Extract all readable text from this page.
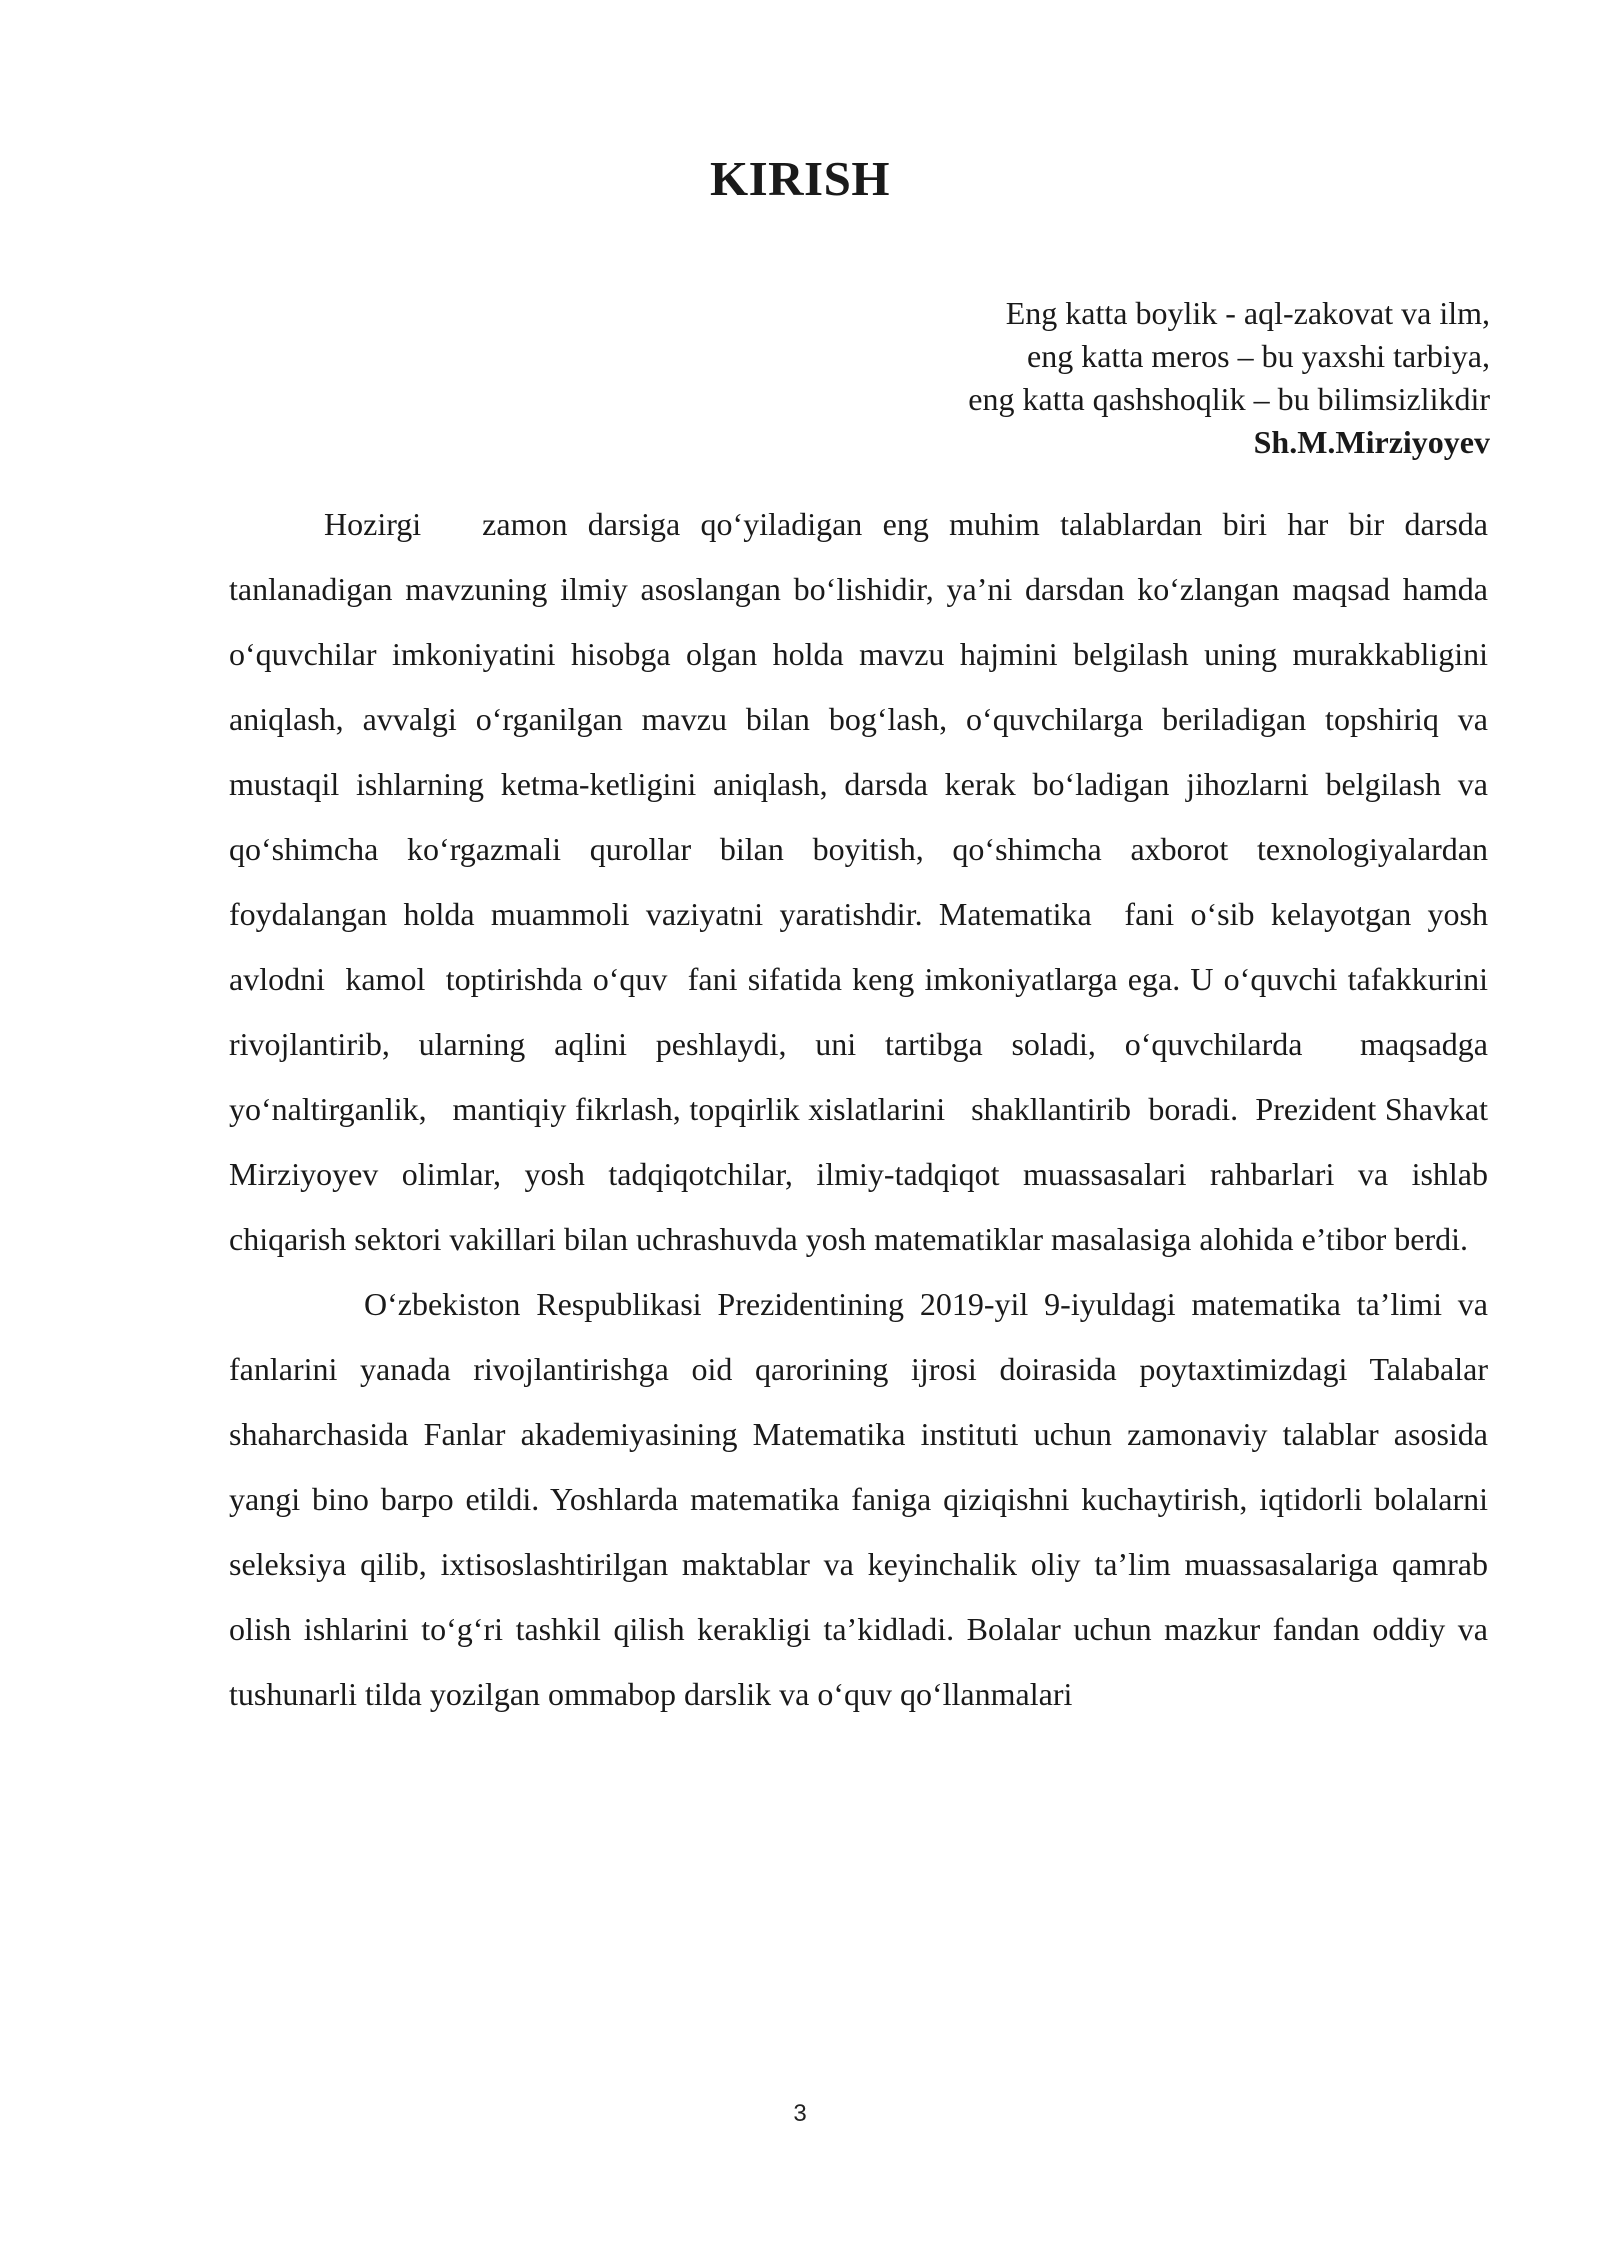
KIRISH
Eng katta boylik - aql-zakovat va ilm,
eng katta meros – bu yaxshi tarbiya,
eng katta qashshoqlik – bu bilimsizlikdir
Sh.M.Mirziyoyev

Hozirgi   zamon darsiga qo‘yiladigan eng muhim talablardan biri har bir darsda tanlanadigan mavzuning ilmiy asoslangan bo‘lishidir, ya’ni darsdan ko‘zlangan maqsad hamda o‘quvchilar imkoniyatini hisobga olgan holda mavzu hajmini belgilash uning murakkabligini aniqlash, avvalgi o‘rganilgan mavzu bilan bog‘lash, o‘quvchilarga beriladigan topshiriq va mustaqil ishlarning ketma-ketligini aniqlash, darsda kerak bo‘ladigan jihozlarni belgilash va  qo‘shimcha ko‘rgazmali qurollar bilan boyitish, qo‘shimcha axborot texnologiyalardan foydalangan holda muammoli vaziyatni yaratishdir. Matematika  fani o‘sib kelayotgan yosh avlodni  kamol  toptirishda o‘quv  fani sifatida keng imkoniyatlarga ega. U o‘quvchi tafakkurini rivojlantirib, ularning aqlini peshlaydi, uni tartibga soladi, o‘quvchilarda  maqsadga yo‘naltirganlik,   mantiqiy fikrlash, topqirlik xislatlarini   shakllantirib  boradi.  Prezident Shavkat Mirziyoyev olimlar, yosh tadqiqotchilar, ilmiy-tadqiqot muassasalari rahbarlari va ishlab chiqarish sektori vakillari bilan uchrashuvda yosh matematiklar masalasiga alohida e’tibor berdi.

O‘zbekiston Respublikasi Prezidentining 2019-yil 9-iyuldagi matematika ta’limi va fanlarini yanada rivojlantirishga oid qarorining ijrosi doirasida poytaxtimizdagi Talabalar shaharchasida Fanlar akademiyasining Matematika instituti uchun zamonaviy talablar asosida yangi bino barpo etildi. Yoshlarda matematika faniga qiziqishni kuchaytirish, iqtidorli bolalarni seleksiya qilib, ixtisoslashtirilgan maktablar va keyinchalik oliy ta’lim muassasalariga qamrab olish ishlarini to‘g‘ri tashkil qilish kerakligi ta’kidladi. Bolalar uchun mazkur fandan oddiy va tushunarli tilda yozilgan ommabop darslik va o‘quv qo‘llanmalari

3
